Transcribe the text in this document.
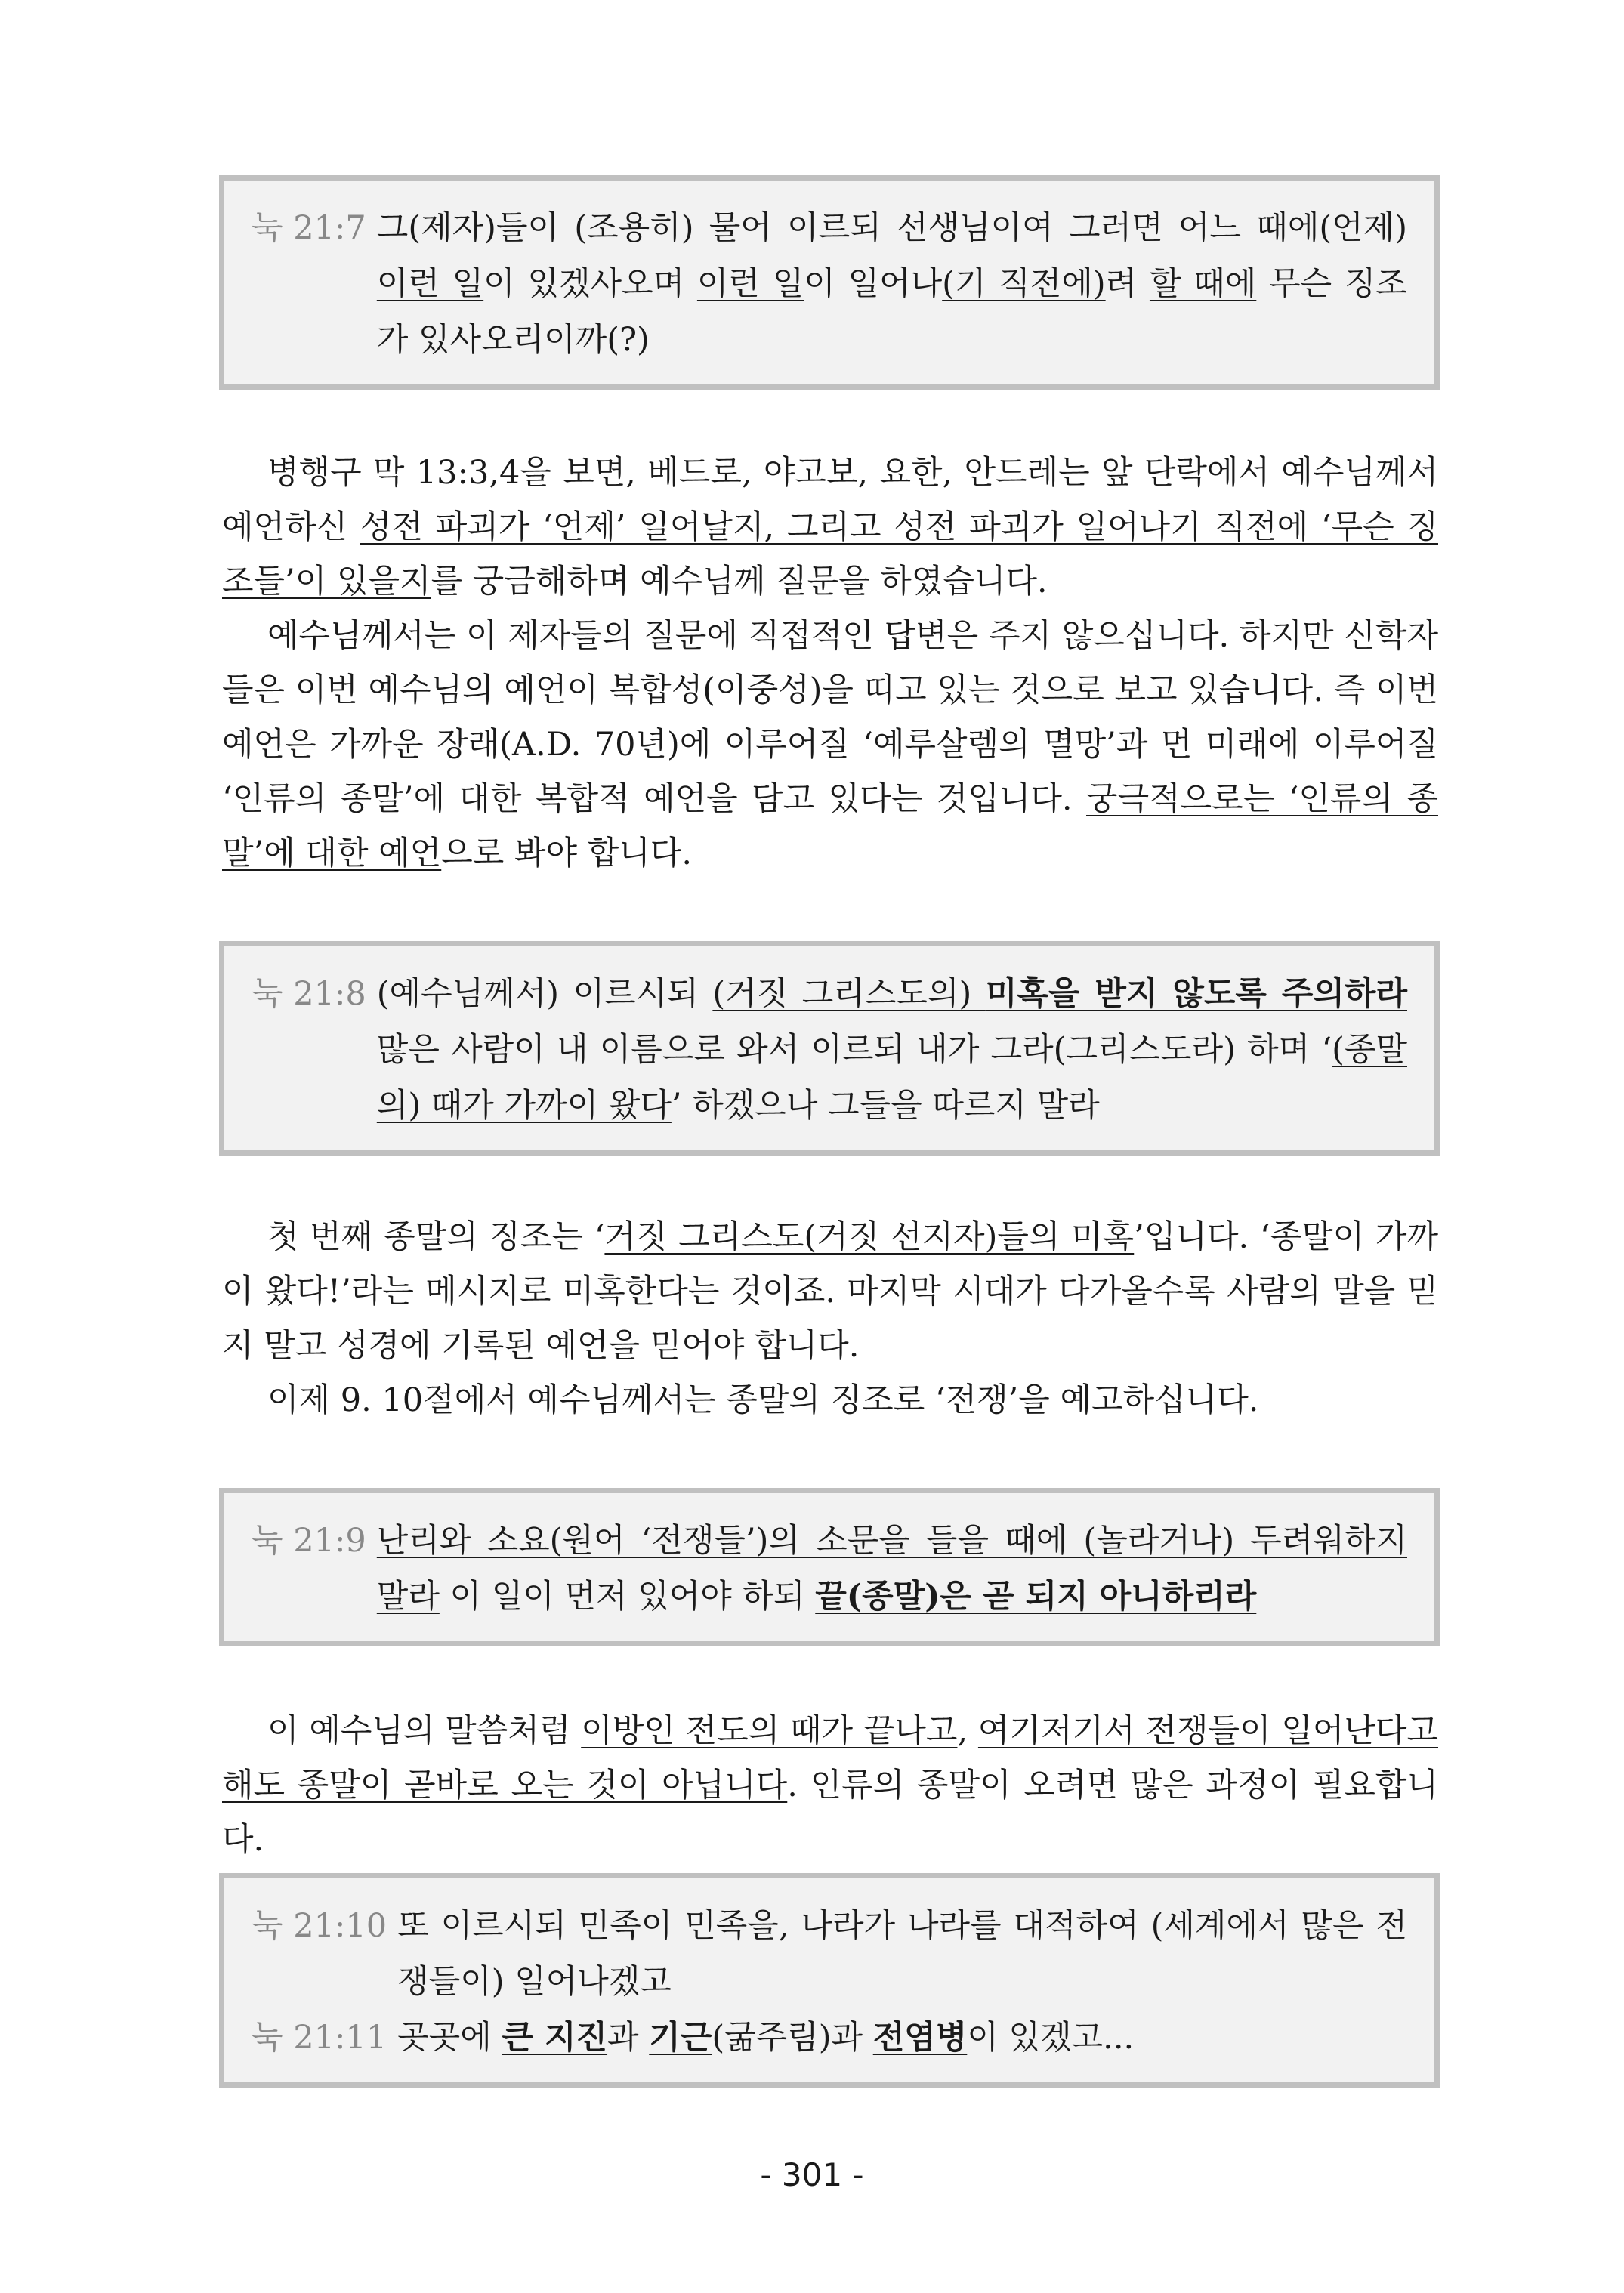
눅 21:7 그(제자)들이 (조용히) 물어 이르되 선생님이여 그러면 어느 때에(언제) 이런 일이 있겠사오며 이런 일이 일어나(기 직전에)려 할 때에 무슨 징조가 있사오리이까(?)

병행구 막 13:3,4을 보면, 베드로, 야고보, 요한, 안드레는 앞 단락에서 예수님께서 예언하신 성전 파괴가 ‘언제’ 일어날지, 그리고 성전 파괴가 일어나기 직전에 ‘무슨 징조들’이 있을지를 궁금해하며 예수님께 질문을 하였습니다.

예수님께서는 이 제자들의 질문에 직접적인 답변은 주지 않으십니다. 하지만 신학자들은 이번 예수님의 예언이 복합성(이중성)을 띠고 있는 것으로 보고 있습니다. 즉 이번 예언은 가까운 장래(A.D. 70년)에 이루어질 ‘예루살렘의 멸망’과 먼 미래에 이루어질 ‘인류의 종말’에 대한 복합적 예언을 담고 있다는 것입니다. 궁극적으로는 ‘인류의 종말’에 대한 예언으로 봐야 합니다.

눅 21:8 (예수님께서) 이르시되 (거짓 그리스도의) 미혹을 받지 않도록 주의하라 많은 사람이 내 이름으로 와서 이르되 내가 그라(그리스도라) 하며 ‘(종말의) 때가 가까이 왔다’ 하겠으나 그들을 따르지 말라

첫 번째 종말의 징조는 ‘거짓 그리스도(거짓 선지자)들의 미혹’입니다. ‘종말이 가까이 왔다!’라는 메시지로 미혹한다는 것이죠. 마지막 시대가 다가올수록 사람의 말을 믿지 말고 성경에 기록된 예언을 믿어야 합니다.

이제 9. 10절에서 예수님께서는 종말의 징조로 ‘전쟁’을 예고하십니다.

눅 21:9 난리와 소요(원어 ‘전쟁들’)의 소문을 들을 때에 (놀라거나) 두려워하지 말라 이 일이 먼저 있어야 하되 끝(종말)은 곧 되지 아니하리라

이 예수님의 말씀처럼 이방인 전도의 때가 끝나고, 여기저기서 전쟁들이 일어난다고 해도 종말이 곧바로 오는 것이 아닙니다. 인류의 종말이 오려면 많은 과정이 필요합니다.

눅 21:10 또 이르시되 민족이 민족을, 나라가 나라를 대적하여 (세계에서 많은 전쟁들이) 일어나겠고
눅 21:11 곳곳에 큰 지진과 기근(굶주림)과 전염병이 있겠고...
- 301 -
